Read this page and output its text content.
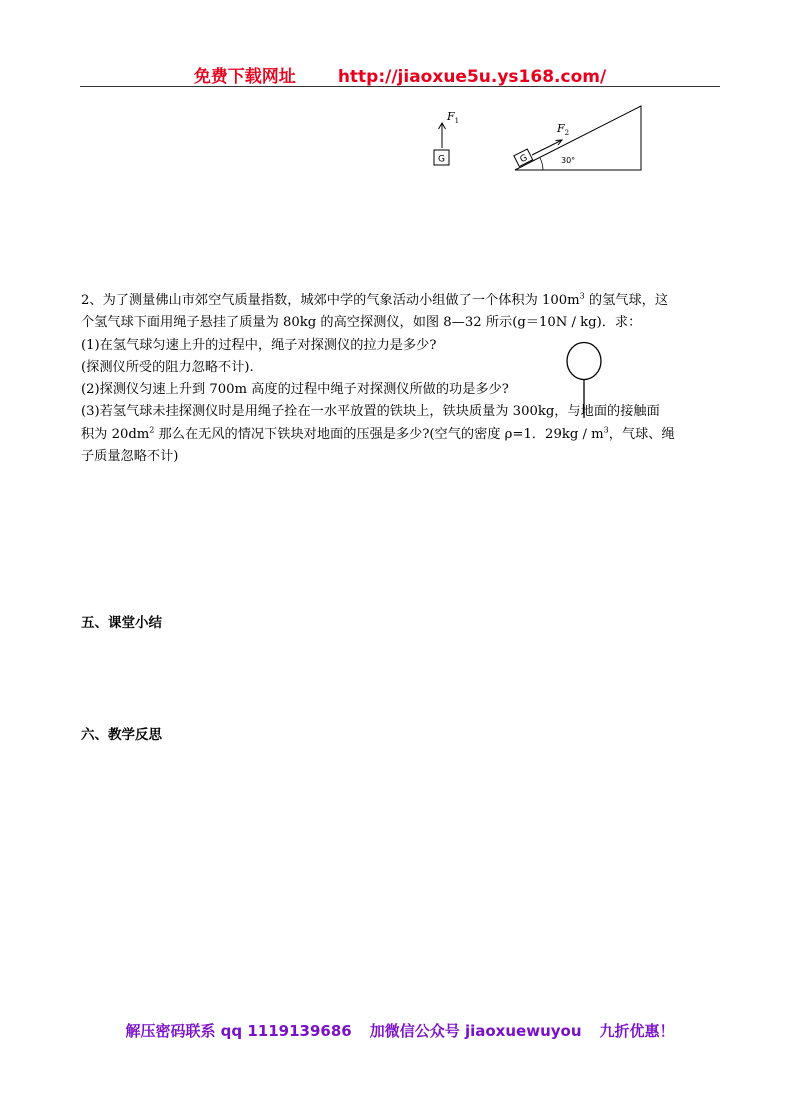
免费下载网址 http://jiaoxue5u.ys168.com/
$F_1$
G	G
$F_2$
30°

2、为了测量佛山市郊空气质量指数，城郊中学的气象活动小组做了一个体积为 $100m^3$ 的氢气球，这

个氢气球下面用绳子悬挂了质量为 80kg 的高空探测仪，如图 8—32 所示(g＝10N / kg)．求：

(1)在氢气球匀速上升的过程中，绳子对探测仪的拉力是多少?

(探测仪所受的阻力忽略不计).

(2)探测仪匀速上升到 700m 高度的过程中绳子对探测仪所做的功是多少?

(3)若氢气球未挂探测仪时是用绳子拴在一水平放置的铁块上，铁块质量为 300kg，与地面的接触面

积为 $20dm^2$ 那么在无风的情况下铁块对地面的压强是多少?(空气的密度 ρ=1．$29kg / m^3$，气球、绳

子质量忽略不计)

五、课堂小结
六、教学反思
解压密码联系 qq 1119139686 加微信公众号 jiaoxuewuyou 九折优惠！
